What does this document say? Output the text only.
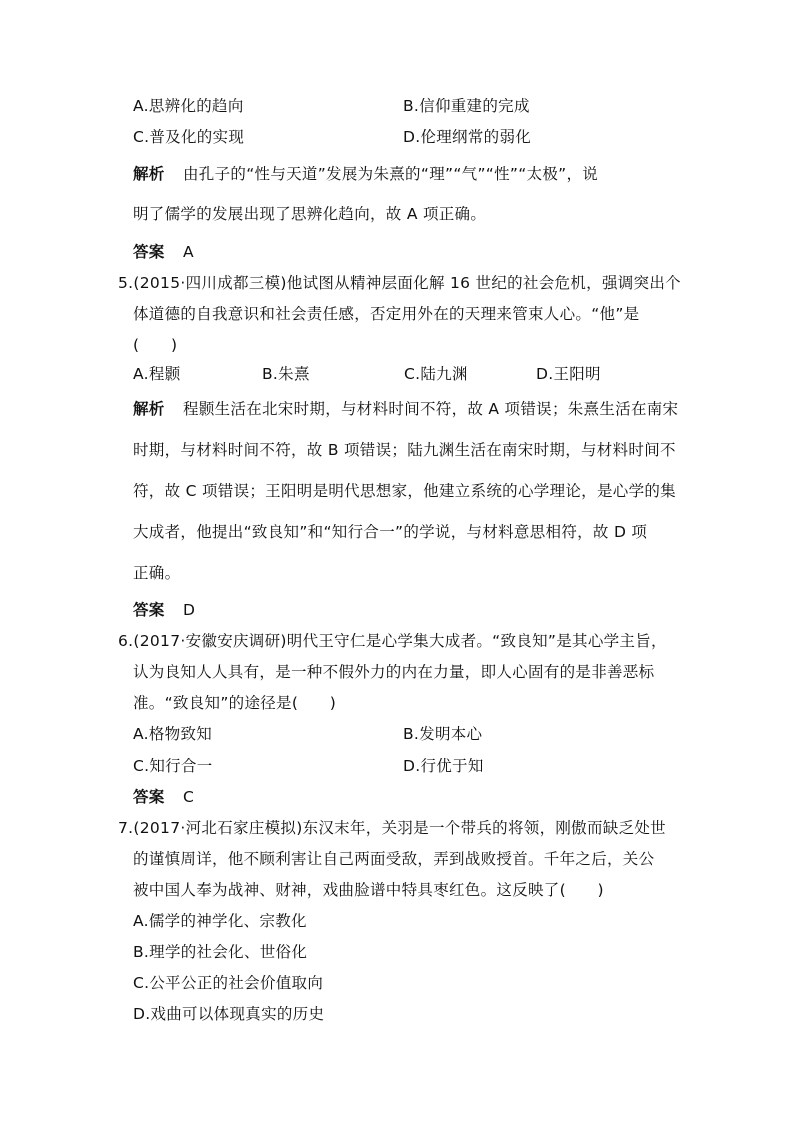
A.思辨化的趋向	B.信仰重建的完成
C.普及化的实现	D.伦理纲常的弱化
解析 由孔子的“性与天道”发展为朱熹的“理”“气”“性”“太极”，说
明了儒学的发展出现了思辨化趋向，故 A 项正确。
答案 A
5.(2015·四川成都三模)他试图从精神层面化解 16 世纪的社会危机，强调突出个
体道德的自我意识和社会责任感，否定用外在的天理来管束人心。“他”是
(　　)
A.程颢	B.朱熹	C.陆九渊	D.王阳明
解析 程颢生活在北宋时期，与材料时间不符，故 A 项错误；朱熹生活在南宋
时期，与材料时间不符，故 B 项错误；陆九渊生活在南宋时期，与材料时间不
符，故 C 项错误；王阳明是明代思想家，他建立系统的心学理论，是心学的集
大成者，他提出“致良知”和“知行合一”的学说，与材料意思相符，故 D 项
正确。
答案 D
6.(2017·安徽安庆调研)明代王守仁是心学集大成者。“致良知”是其心学主旨，
认为良知人人具有，是一种不假外力的内在力量，即人心固有的是非善恶标
准。“致良知”的途径是(　　)
A.格物致知	B.发明本心
C.知行合一	D.行优于知
答案 C
7.(2017·河北石家庄模拟)东汉末年，关羽是一个带兵的将领，刚傲而缺乏处世
的谨慎周详，他不顾利害让自己两面受敌，弄到战败授首。千年之后，关公
被中国人奉为战神、财神，戏曲脸谱中特具枣红色。这反映了(　　)
A.儒学的神学化、宗教化
B.理学的社会化、世俗化
C.公平公正的社会价值取向
D.戏曲可以体现真实的历史
